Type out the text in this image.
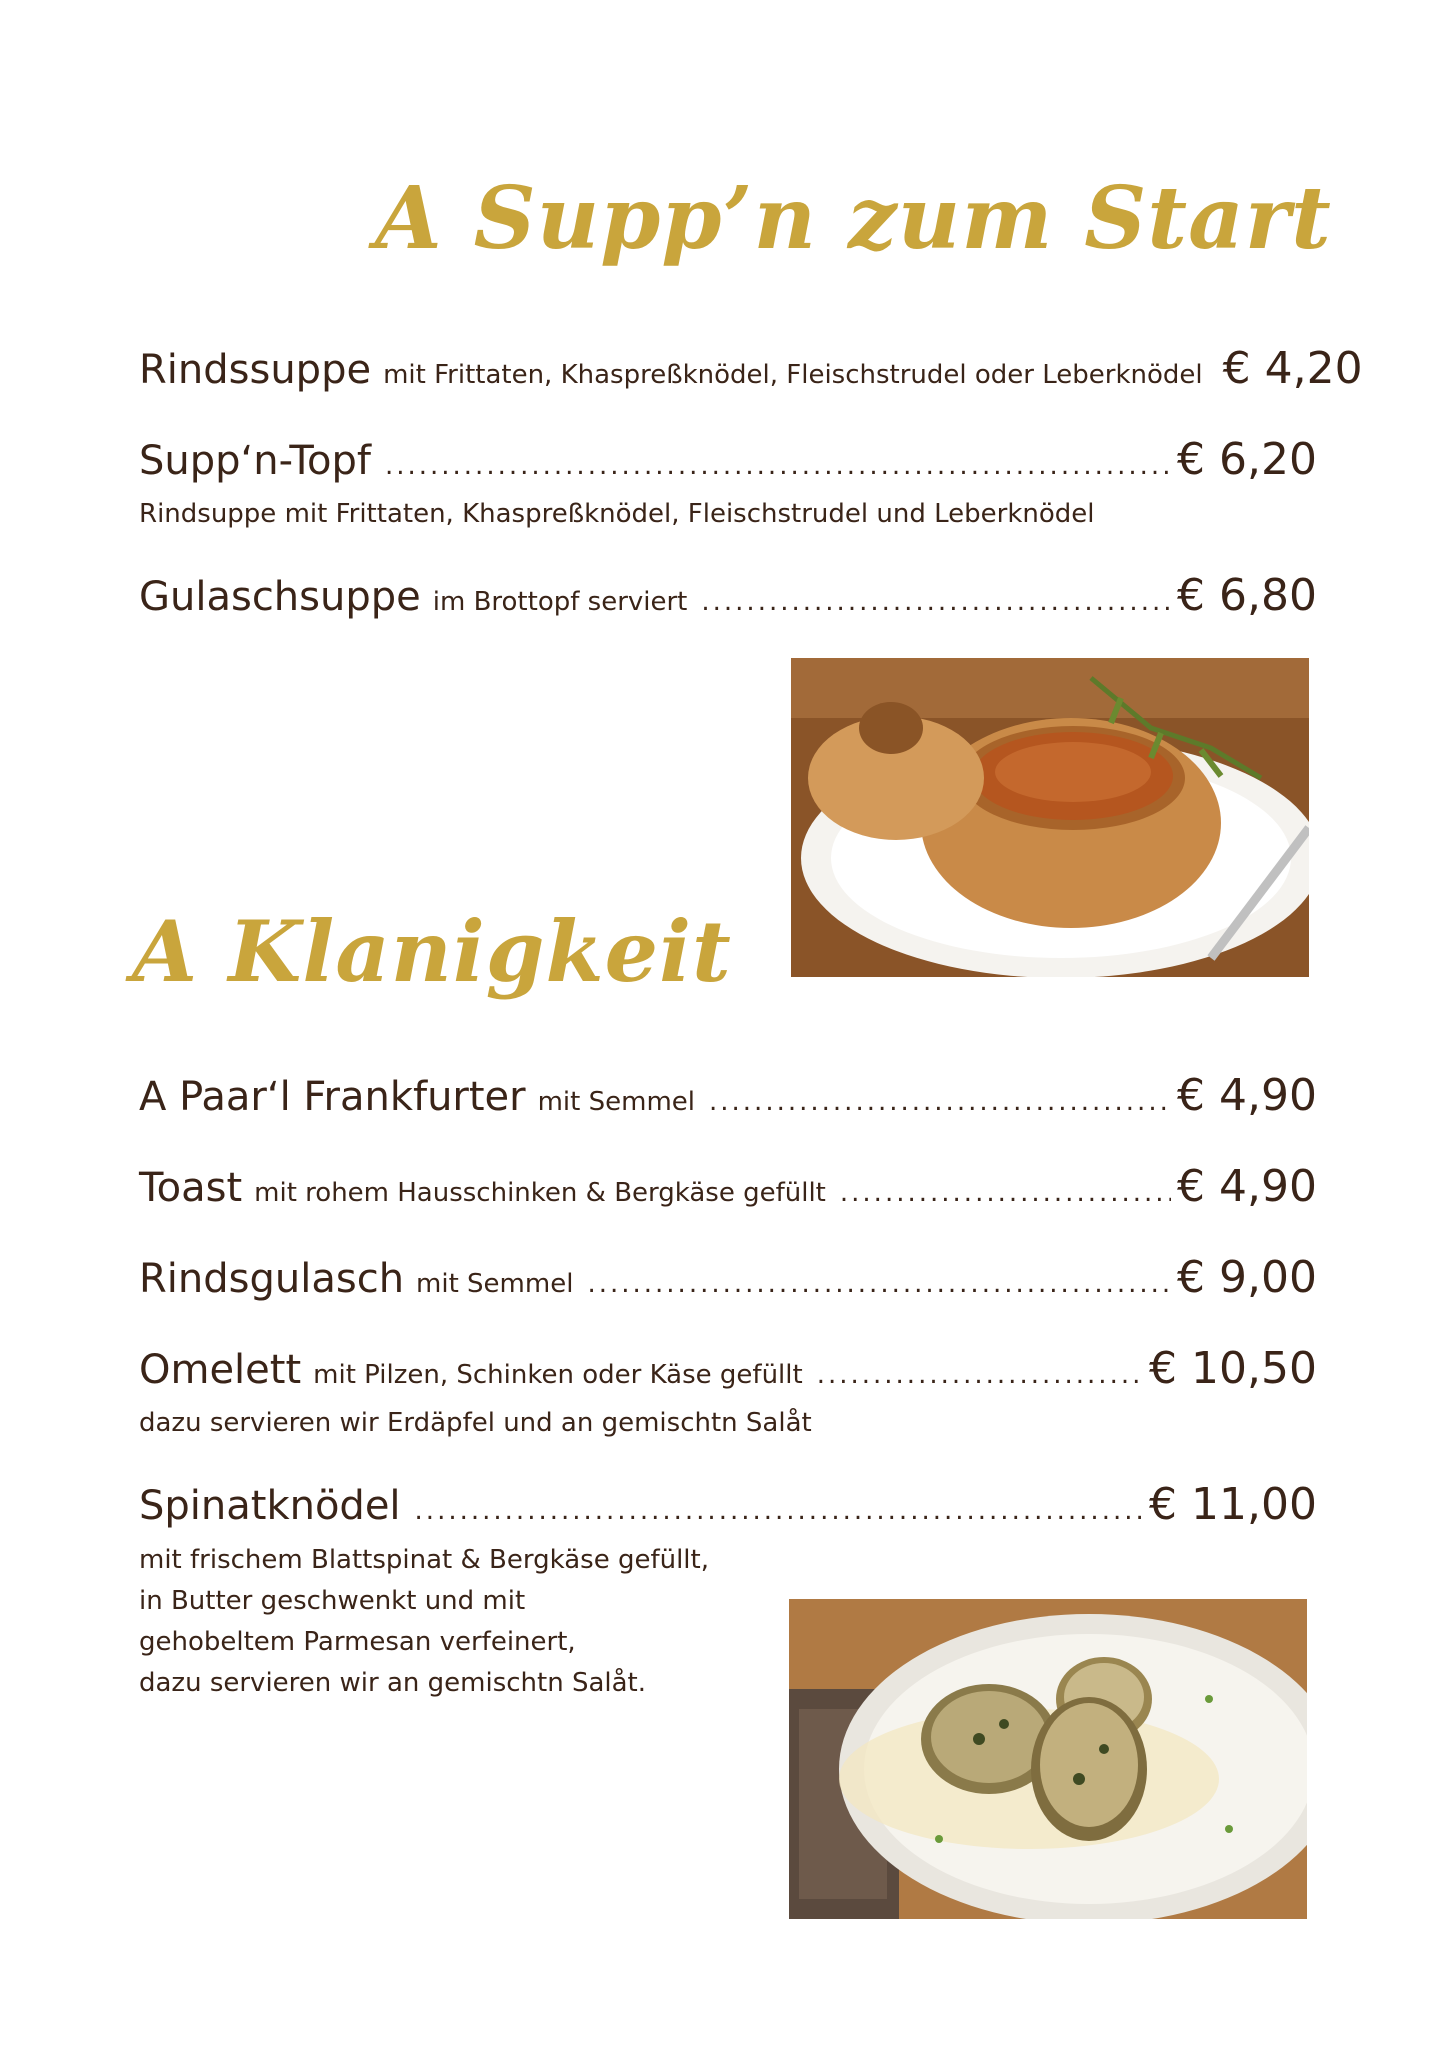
A Supp’n zum Start
Rindssuppe mit Frittaten, Khaspreßknödel, Fleischstrudel oder Leberknödel € 4,20
Supp‘n-Topf .....	€ 6,20
Rindsuppe mit Frittaten, Khaspreßknödel, Fleischstrudel und Leberknödel
Gulaschsuppe im Brottopf serviert .....	€ 6,80
A Klanigkeit
A Paar‘l Frankfurter mit Semmel .....	€ 4,90
Toast mit rohem Hausschinken & Bergkäse gefüllt .....	€ 4,90
Rindsgulasch mit Semmel .....	€ 9,00
Omelett mit Pilzen, Schinken oder Käse gefüllt .....	€ 10,50
dazu servieren wir Erdäpfel und an gemischtn Salåt
Spinatknödel .....	€ 11,00
mit frischem Blattspinat & Bergkäse gefüllt,
in Butter geschwenkt und mit
gehobeltem Parmesan verfeinert,
dazu servieren wir an gemischtn Salåt.
